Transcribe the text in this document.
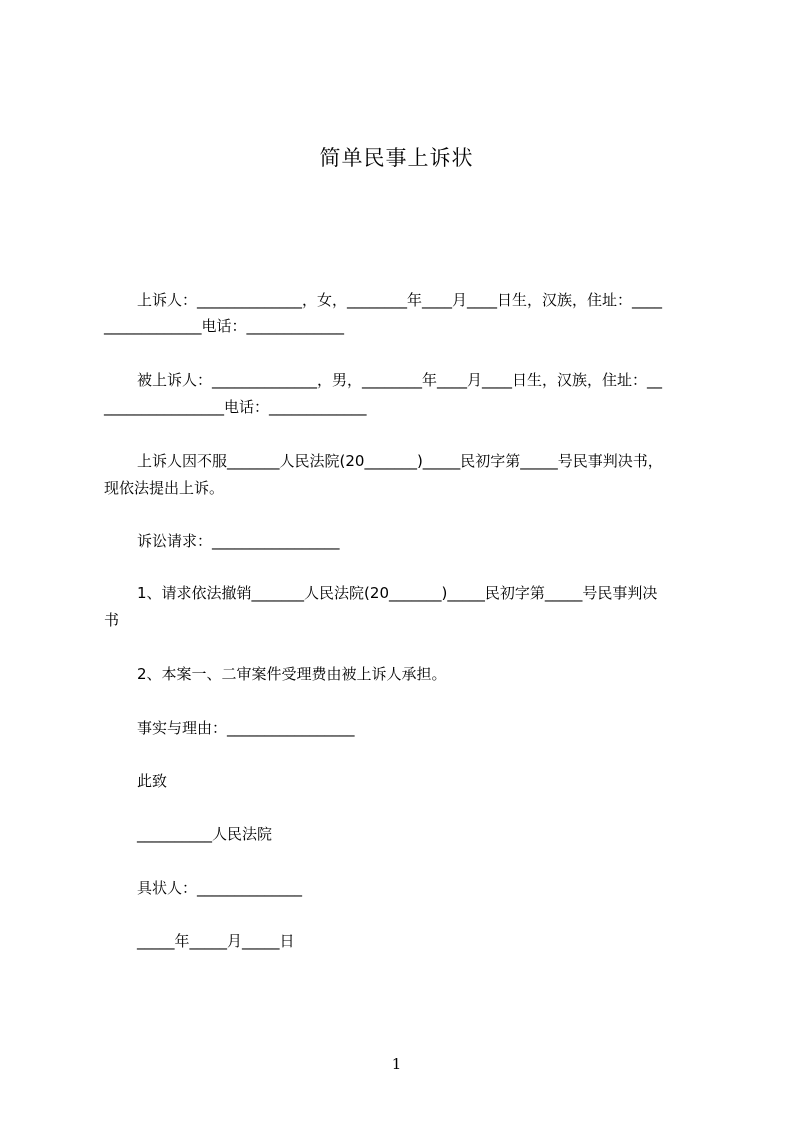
简单民事上诉状
上诉人：______________，女，________年____月____日生，汉族，住址：____
_____________电话：_____________
被上诉人：______________，男，________年____月____日生，汉族，住址：__
________________电话：_____________
上诉人因不服_______人民法院(20_______)_____民初字第_____号民事判决书，
现依法提出上诉。
诉讼请求：_________________
1、请求依法撤销_______人民法院(20_______)_____民初字第_____号民事判决
书
2、本案一、二审案件受理费由被上诉人承担。
事实与理由：_________________
此致
__________人民法院
具状人：______________
_____年_____月_____日
1
